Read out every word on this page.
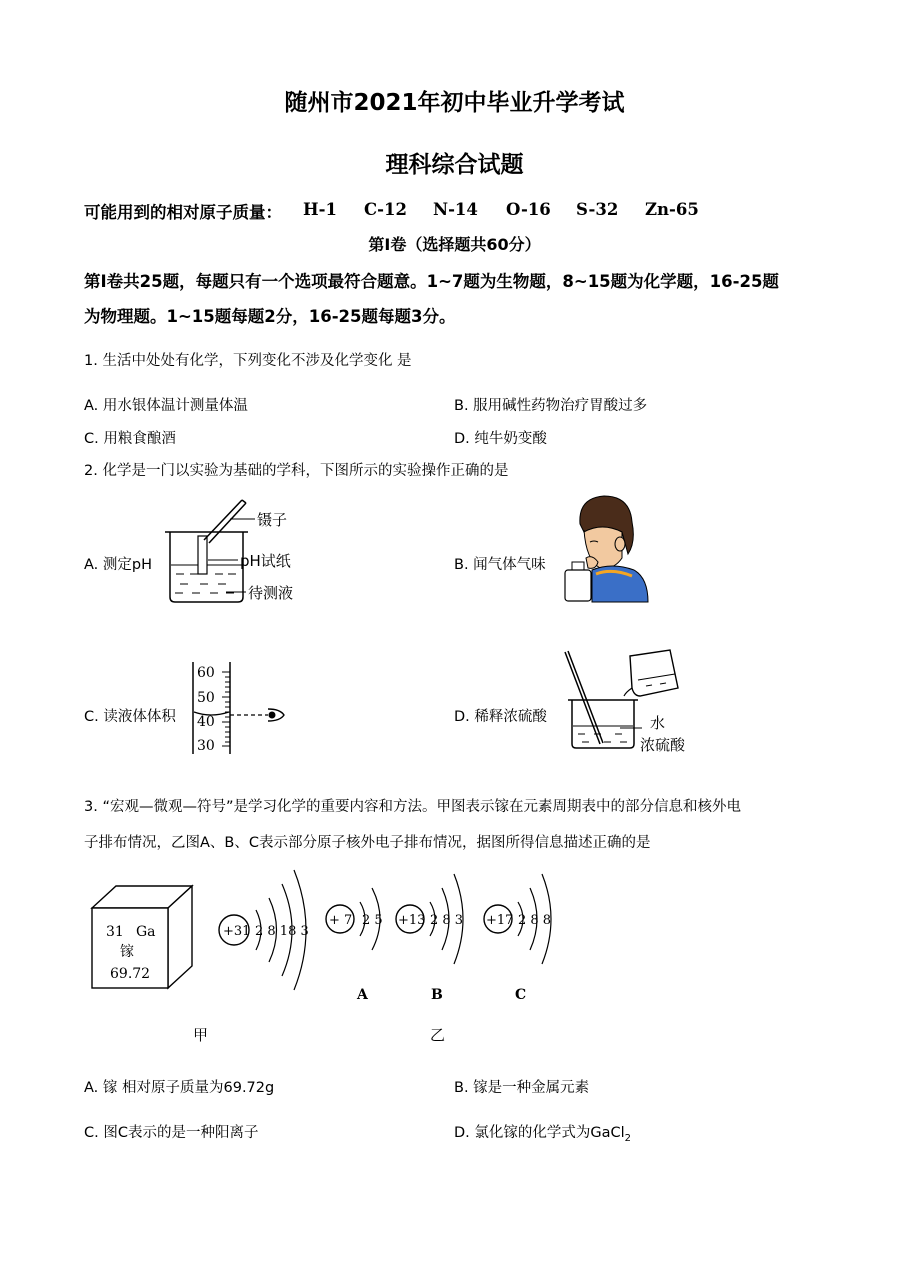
随州市2021年初中毕业升学考试
理科综合试题
可能用到的相对原子质量： H-1 C-12 N-14 O-16 S-32 Zn-65
第Ⅰ卷（选择题共60分）
第Ⅰ卷共25题，每题只有一个选项最符合题意。1~7题为生物题，8~15题为化学题，16-25题
为物理题。1~15题每题2分，16-25题每题3分。
1. 生活中处处有化学，下列变化不涉及化学变化 是
A. 用水银体温计测量体温	B. 服用碱性药物治疗胃酸过多
C. 用粮食酿酒	D. 纯牛奶变酸
2. 化学是一门以实验为基础的学科，下图所示的实验操作正确的是
A. 测定pH	B. 闻气体气味
C. 读液体体积	D. 稀释浓硫酸
镊子
pH试纸
待测液
60
50
40
30
水
浓硫酸
3. “宏观—微观—符号”是学习化学的重要内容和方法。甲图表示镓在元素周期表中的部分信息和核外电
子排布情况，乙图A、B、C表示部分原子核外电子排布情况，据图所得信息描述正确的是
31 Ga
镓
69.72
+31 2 8 18 3
+ 7 2 5 +13 2 8 3 +17 2 8 8
A	B	C
甲	乙
A. 镓 相对原子质量为69.72g	B. 镓是一种金属元素
C. 图C表示的是一种阳离子	D. 氯化镓的化学式为GaCl$_2$
